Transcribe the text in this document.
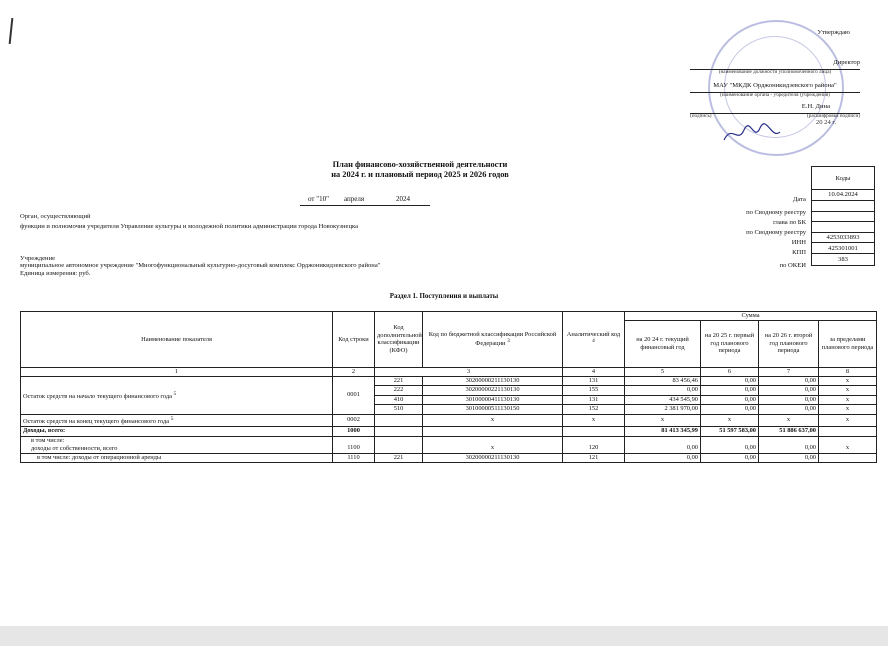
Утверждаю
Директор
(наименование должности уполномоченного лица)
МАУ "МКДК Орджоникидзевского района"
(наименование органа - учредителя (учреждения)
Е.Н. Дина
(подпись)	(расшифровка подписи)
20 24 г.
План финансово-хозяйственной деятельности
на 2024 г. и плановый период 2025 и 2026 годов
от "10" апреля	2024	Дата
по Сводному реестру
глава по БК
по Сводному реестру
ИНН
КПП
по ОКЕИ
Коды
10.04.2024
4253033893
425301001
383
Орган, осуществляющий
функции и полномочия учредителя Управление культуры и молодежной политики администрации города Новокузнецка
Учреждение муниципальное автономное учреждение "Многофункциональный культурно-досуговый комплекс Орджоникидзевского района"
Единица измерения: руб.
Раздел 1. Поступления и выплаты
Наименование показателя	Код строки	Код дополнительной классификации (КФО)	Код по бюджетной классификации Российской Федерации $^3$	Аналитический код $^4$	Сумма			
					на 20 24 г. текущий финансовый год	на 20 25 г. первый год планового периода	на 20 26 г. второй год планового периода	за пределами планового периода
1	2	3		4	5	6	7	8
Остаток средств на начало текущего финансового года $^5$	0001	221	30200000211130130	131	83 456,46	0,00	0,00	x
		222	30200000221130130	155	0,00	0,00	0,00	x
		410	30100000411130130	131	434 545,90	0,00	0,00	x
		510	30100000511130150	152	2 381 970,00	0,00	0,00	x
Остаток средств на конец текущего финансового года $^5$	0002		x	x	x	x	x	x
Доходы, всего:	1000				81 413 345,99	51 597 583,00	51 886 637,00	

в том числе:
доходы от собственности, всего	1100		x	120	0,00	0,00	0,00	x
в том числе: доходы от операционной аренды	1110	221	30200000211130130	121	0,00	0,00	0,00	
